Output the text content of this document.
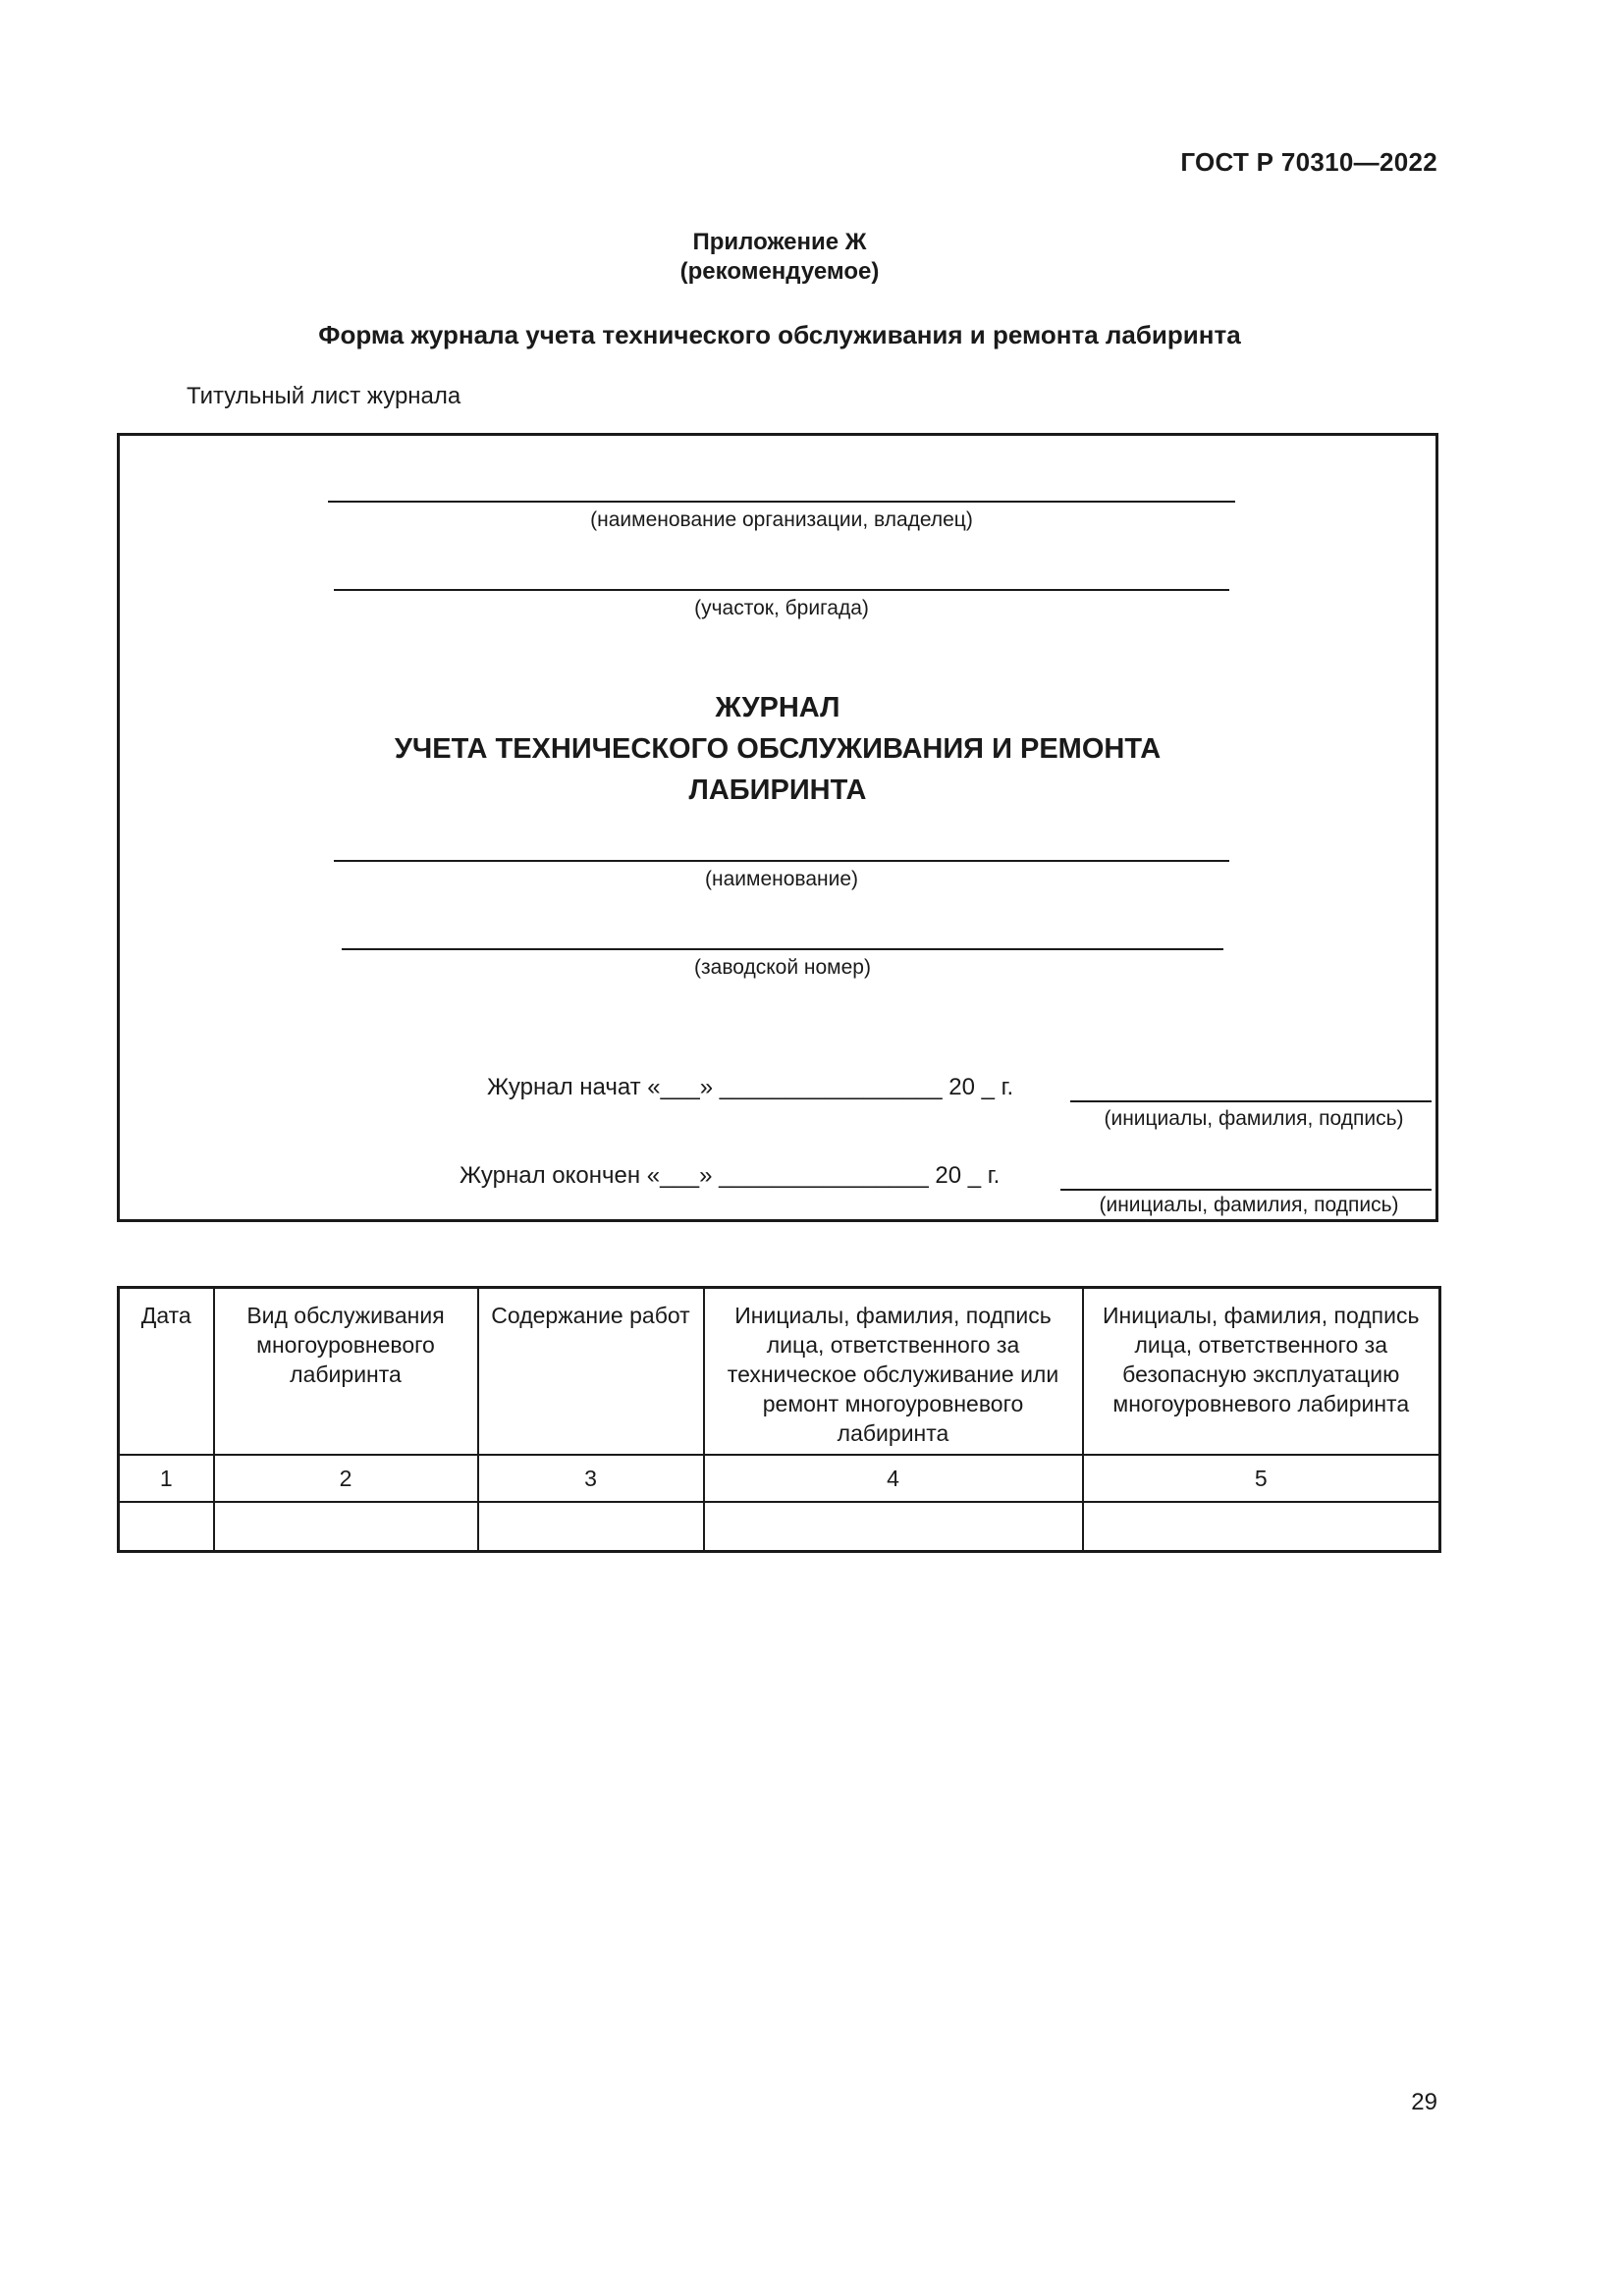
ГОСТ Р 70310—2022
Приложение Ж
(рекомендуемое)
Форма журнала учета технического обслуживания и ремонта лабиринта
Титульный лист журнала
(наименование организации, владелец)
(участок, бригада)
ЖУРНАЛ
УЧЕТА ТЕХНИЧЕСКОГО ОБСЛУЖИВАНИЯ И РЕМОНТА
ЛАБИРИНТА
(наименование)
(заводской номер)
Журнал начат «___» _________________ 20 _ г.
(инициалы, фамилия, подпись)
Журнал окончен «___» ________________ 20 _ г.
(инициалы, фамилия, подпись)
Дата	Вид обслуживания многоуровневого лабиринта	Содержание работ	Инициалы, фамилия, подпись лица, ответственного за техническое обслуживание или ремонт многоуровневого лабиринта	Инициалы, фамилия, подпись лица, ответственного за безопасную эксплуатацию многоуровневого лабиринта
1	2	3	4	5

29
